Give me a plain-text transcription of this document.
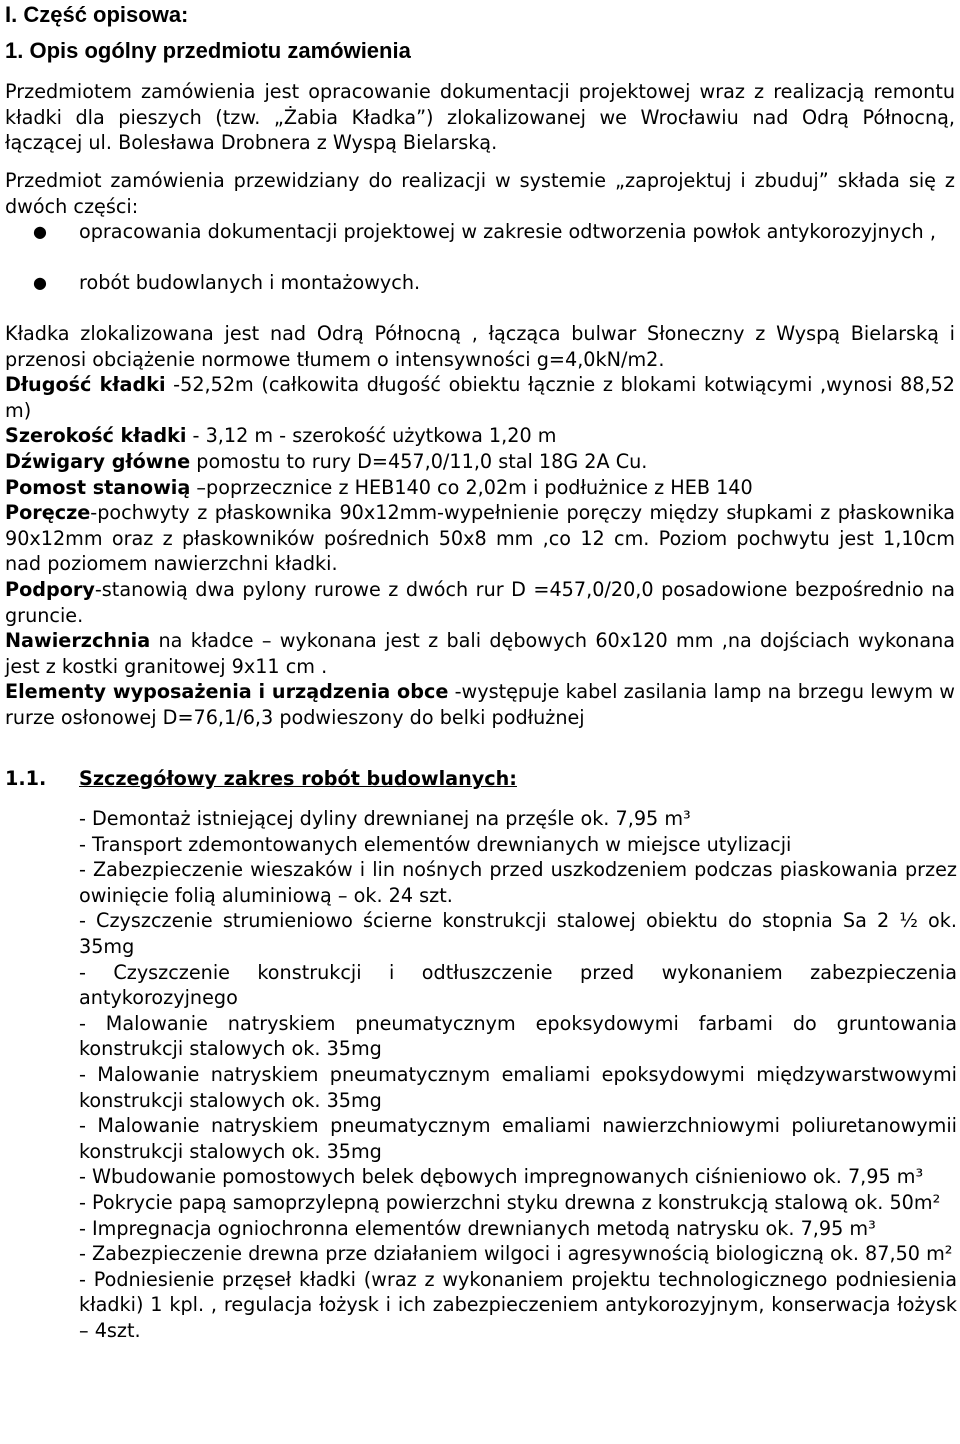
I. Część opisowa:
1. Opis ogólny przedmiotu zamówienia
Przedmiotem zamówienia jest opracowanie dokumentacji projektowej wraz z realizacją remontu kładki dla pieszych (tzw. „Żabia Kładka”) zlokalizowanej we Wrocławiu nad Odrą Północną, łączącej ul. Bolesława Drobnera z Wyspą Bielarską.
Przedmiot zamówienia przewidziany do realizacji w systemie „zaprojektuj i zbuduj” składa się z dwóch części:
● opracowania dokumentacji projektowej w zakresie odtworzenia powłok antykorozyjnych ,
● robót budowlanych i montażowych.
Kładka zlokalizowana jest nad Odrą Północną , łącząca bulwar Słoneczny z Wyspą Bielarską i przenosi obciążenie normowe tłumem o intensywności g=4,0kN/m2.
Długość kładki -52,52m (całkowita długość obiektu łącznie z blokami kotwiącymi ,wynosi 88,52 m)
Szerokość kładki - 3,12 m - szerokość użytkowa 1,20 m
Dźwigary główne pomostu to rury D=457,0/11,0 stal 18G 2A Cu.
Pomost stanowią –poprzecznice z HEB140 co 2,02m i podłużnice z HEB 140
Poręcze-pochwyty z płaskownika 90x12mm-wypełnienie poręczy między słupkami z płaskownika 90x12mm oraz z płaskowników pośrednich 50x8 mm ,co 12 cm. Poziom pochwytu jest 1,10cm nad poziomem nawierzchni kładki.
Podpory-stanowią dwa pylony rurowe z dwóch rur D =457,0/20,0 posadowione bezpośrednio na gruncie.
Nawierzchnia na kładce – wykonana jest z bali dębowych 60x120 mm ,na dojściach wykonana jest z kostki granitowej 9x11 cm .
Elementy wyposażenia i urządzenia obce -występuje kabel zasilania lamp na brzegu lewym w rurze osłonowej D=76,1/6,3 podwieszony do belki podłużnej
1.1. Szczegółowy zakres robót budowlanych:
- Demontaż istniejącej dyliny drewnianej na przęśle ok. 7,95 m³
- Transport zdemontowanych elementów drewnianych w miejsce utylizacji
- Zabezpieczenie wieszaków i lin nośnych przed uszkodzeniem podczas piaskowania przez owinięcie folią aluminiową – ok. 24 szt.
- Czyszczenie strumieniowo ścierne konstrukcji stalowej obiektu do stopnia Sa 2 ½ ok. 35mg
- Czyszczenie konstrukcji i odtłuszczenie przed wykonaniem zabezpieczenia antykorozyjnego
- Malowanie natryskiem pneumatycznym epoksydowymi farbami do gruntowania konstrukcji stalowych ok. 35mg
- Malowanie natryskiem pneumatycznym emaliami epoksydowymi międzywarstwowymi konstrukcji stalowych ok. 35mg
- Malowanie natryskiem pneumatycznym emaliami nawierzchniowymi poliuretanowymii konstrukcji stalowych ok. 35mg
- Wbudowanie pomostowych belek dębowych impregnowanych ciśnieniowo ok. 7,95 m³
- Pokrycie papą samoprzylepną powierzchni styku drewna z konstrukcją stalową ok. 50m²
- Impregnacja ogniochronna elementów drewnianych metodą natrysku ok. 7,95 m³
- Zabezpieczenie drewna prze działaniem wilgoci i agresywnością biologiczną ok. 87,50 m²
- Podniesienie przęseł kładki (wraz z wykonaniem projektu technologicznego podniesienia kładki) 1 kpl. , regulacja łożysk i ich zabezpieczeniem antykorozyjnym, konserwacja łożysk – 4szt.
